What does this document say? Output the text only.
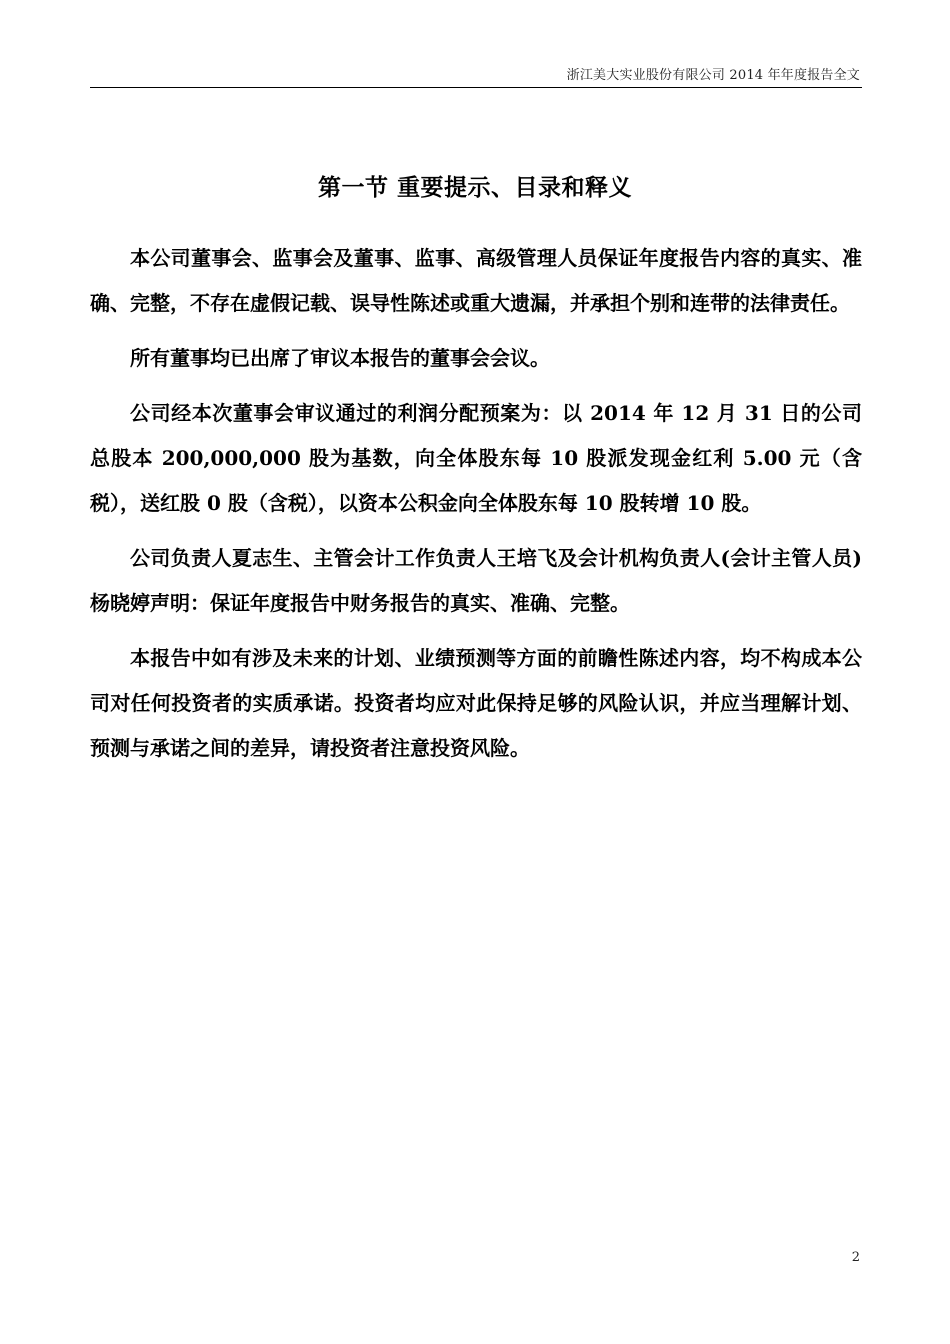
浙江美大实业股份有限公司 2014 年年度报告全文
第一节 重要提示、目录和释义

本公司董事会、监事会及董事、监事、高级管理人员保证年度报告内容的真实、准确、完整，不存在虚假记载、误导性陈述或重大遗漏，并承担个别和连带的法律责任。

所有董事均已出席了审议本报告的董事会会议。

公司经本次董事会审议通过的利润分配预案为：以 2014 年 12 月 31 日的公司总股本 200,000,000 股为基数，向全体股东每 10 股派发现金红利 5.00 元（含税），送红股 0 股（含税），以资本公积金向全体股东每 10 股转增 10 股。

公司负责人夏志生、主管会计工作负责人王培飞及会计机构负责人(会计主管人员)杨晓婷声明：保证年度报告中财务报告的真实、准确、完整。

本报告中如有涉及未来的计划、业绩预测等方面的前瞻性陈述内容，均不构成本公司对任何投资者的实质承诺。投资者均应对此保持足够的风险认识，并应当理解计划、预测与承诺之间的差异，请投资者注意投资风险。

2
